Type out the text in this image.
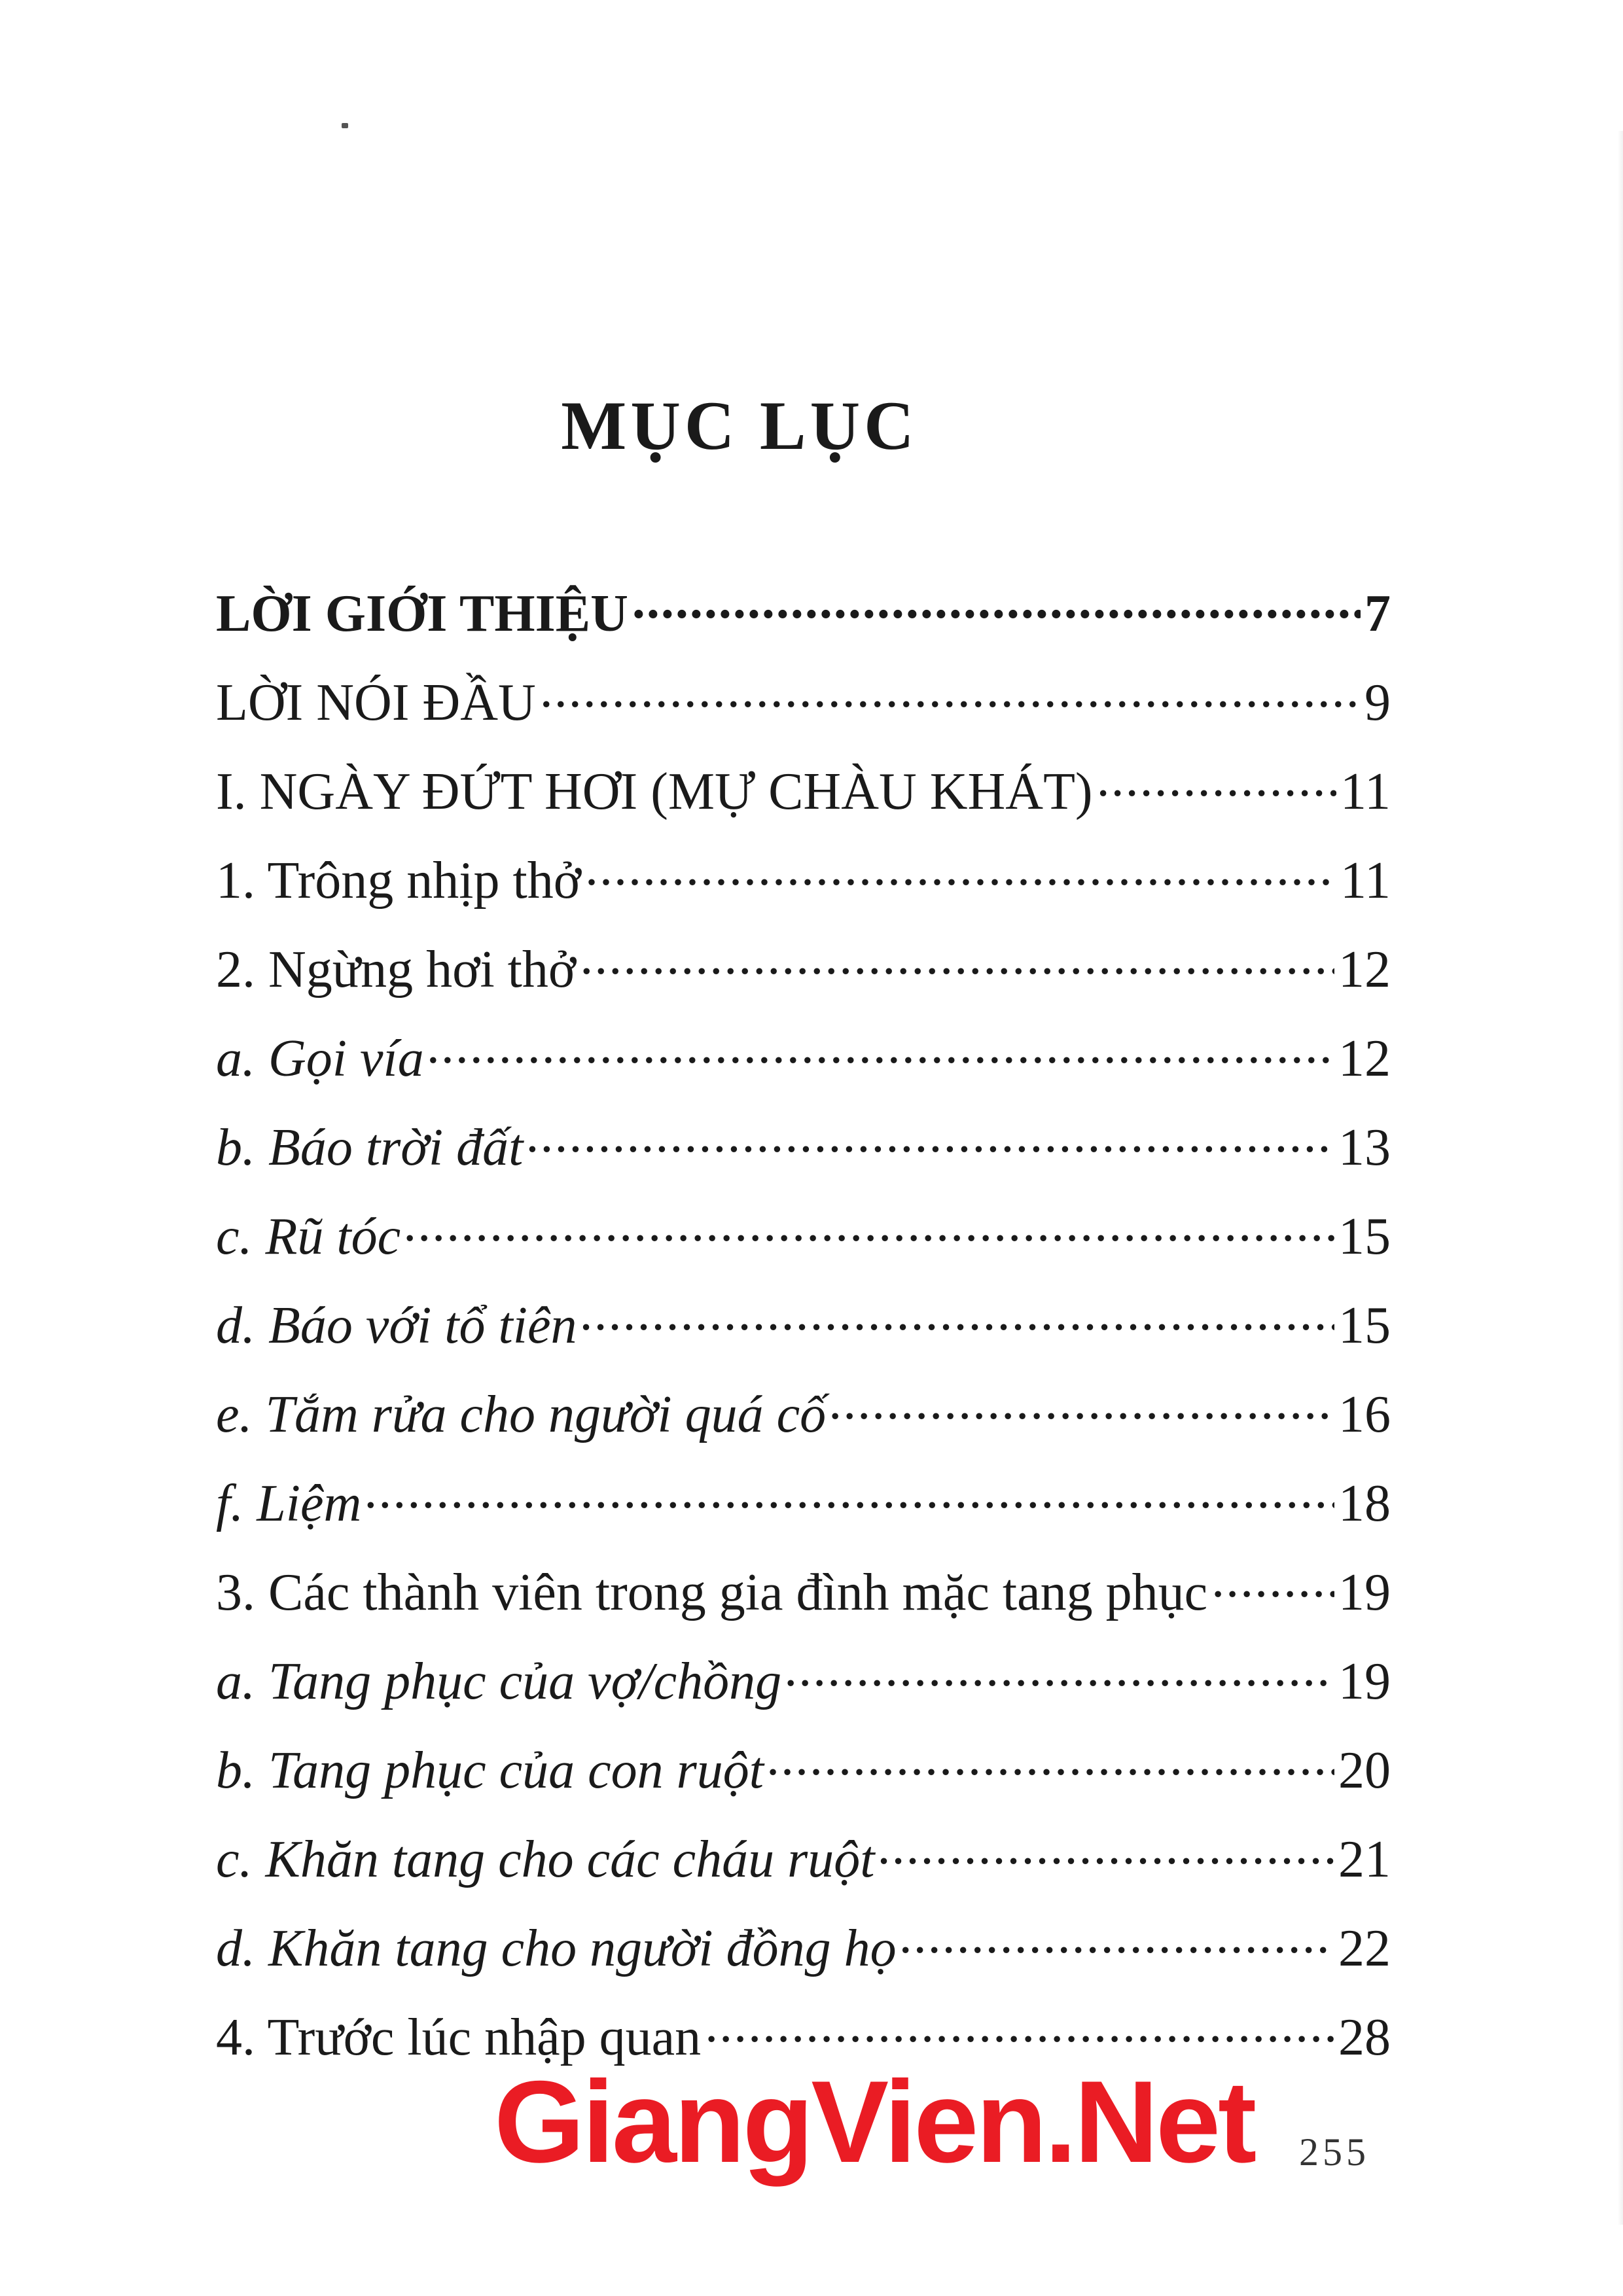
MỤC LỤC
LỜI GIỚI THIỆU .....	7
LỜI NÓI ĐẦU .....	9
I. NGÀY ĐỨT HƠI (MỰ CHÀU KHÁT) .....	11
1. Trông nhịp thở .....	11
2. Ngừng hơi thở .....	12
a. Gọi vía .....	12
b. Báo trời đất .....	13
c. Rũ tóc .....	15
d. Báo với tổ tiên .....	15
e. Tắm rửa cho người quá cố .....	16
f. Liệm .....	18
3. Các thành viên trong gia đình mặc tang phục ..... 19
a. Tang phục của vợ/chồng .....	19
b. Tang phục của con ruột .....	20
c. Khăn tang cho các cháu ruột .....	21
d. Khăn tang cho người đồng họ .....	22
4. Trước lúc nhập quan .....	28
GiangVien.Net 255
